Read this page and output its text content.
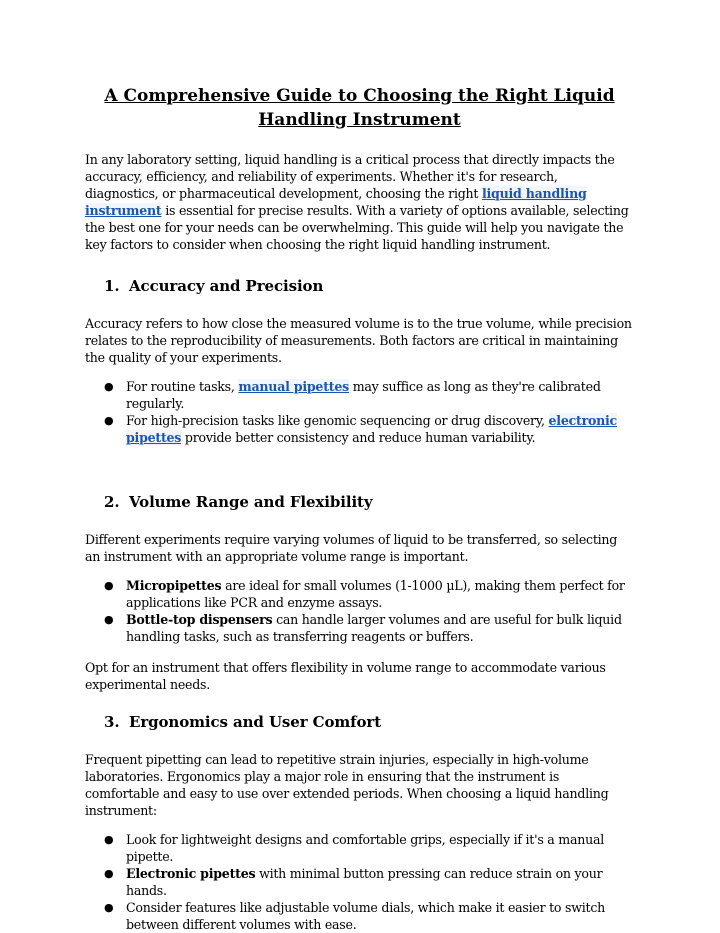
A Comprehensive Guide to Choosing the Right Liquid Handling Instrument

In any laboratory setting, liquid handling is a critical process that directly impacts the accuracy, efficiency, and reliability of experiments. Whether it's for research, diagnostics, or pharmaceutical development, choosing the right liquid handling instrument is essential for precise results. With a variety of options available, selecting the best one for your needs can be overwhelming. This guide will help you navigate the key factors to consider when choosing the right liquid handling instrument.

1. Accuracy and Precision

Accuracy refers to how close the measured volume is to the true volume, while precision relates to the reproducibility of measurements. Both factors are critical in maintaining the quality of your experiments.

● For routine tasks, manual pipettes may suffice as long as they're calibrated regularly.
● For high-precision tasks like genomic sequencing or drug discovery, electronic pipettes provide better consistency and reduce human variability.
2. Volume Range and Flexibility

Different experiments require varying volumes of liquid to be transferred, so selecting an instrument with an appropriate volume range is important.

● Micropipettes are ideal for small volumes (1-1000 µL), making them perfect for applications like PCR and enzyme assays.
● Bottle-top dispensers can handle larger volumes and are useful for bulk liquid handling tasks, such as transferring reagents or buffers.

Opt for an instrument that offers flexibility in volume range to accommodate various experimental needs.

3. Ergonomics and User Comfort

Frequent pipetting can lead to repetitive strain injuries, especially in high-volume laboratories. Ergonomics play a major role in ensuring that the instrument is comfortable and easy to use over extended periods. When choosing a liquid handling instrument:

● Look for lightweight designs and comfortable grips, especially if it's a manual pipette.
● Electronic pipettes with minimal button pressing can reduce strain on your hands.
● Consider features like adjustable volume dials, which make it easier to switch between different volumes with ease.
